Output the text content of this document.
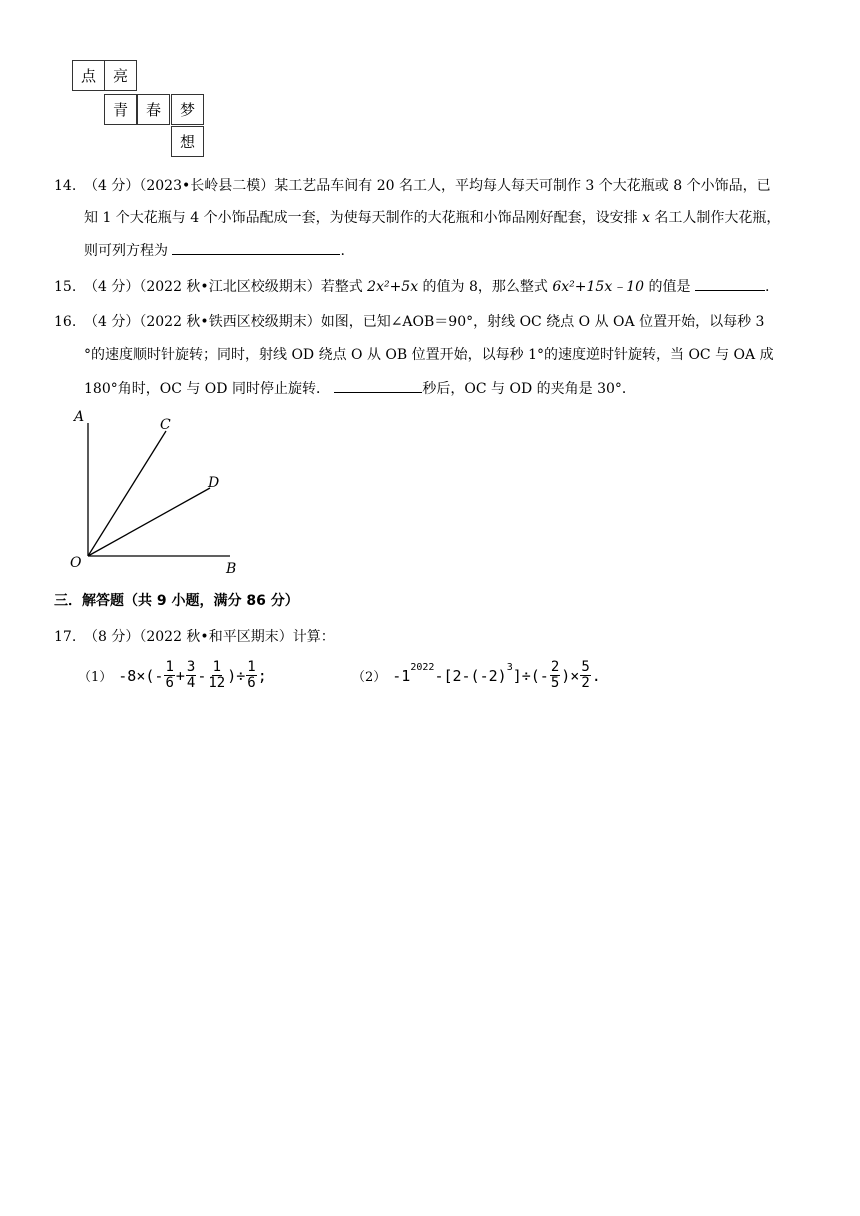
点	亮
青	春	梦
想
14. （4 分）（2023•长岭县二模）某工艺品车间有 20 名工人，平均每人每天可制作 3 个大花瓶或 8 个小饰品，已
知 1 个大花瓶与 4 个小饰品配成一套，为使每天制作的大花瓶和小饰品刚好配套，设安排 x 名工人制作大花瓶，
则可列方程为	.
15. （4 分）（2022 秋•江北区校级期末）若整式 2x²+5x 的值为 8，那么整式 6x²+15x﹣10 的值是	.
16. （4 分）（2022 秋•铁西区校级期末）如图，已知∠AOB＝90°，射线 OC 绕点 O 从 OA 位置开始，以每秒 3
°的速度顺时针旋转；同时，射线 OD 绕点 O 从 OB 位置开始，以每秒 1°的速度逆时针旋转，当 OC 与 OA 成
180°角时，OC 与 OD 同时停止旋转．	秒后，OC 与 OD 的夹角是 30°．
A	C
D
O	B
三．解答题（共 9 小题，满分 86 分）
17. （8 分）（2022 秋•和平区期末）计算：
（1） $-8\times(- \frac{1}{6} + \frac{3}{4} - \frac{1}{12}$ )÷ $\frac{1}{6}$ ;	（2） $-1^{2022}$ $-[2-(-2)^3$ ]÷(- $\frac{2}{5}$ )× $\frac{5}{2}$ .
